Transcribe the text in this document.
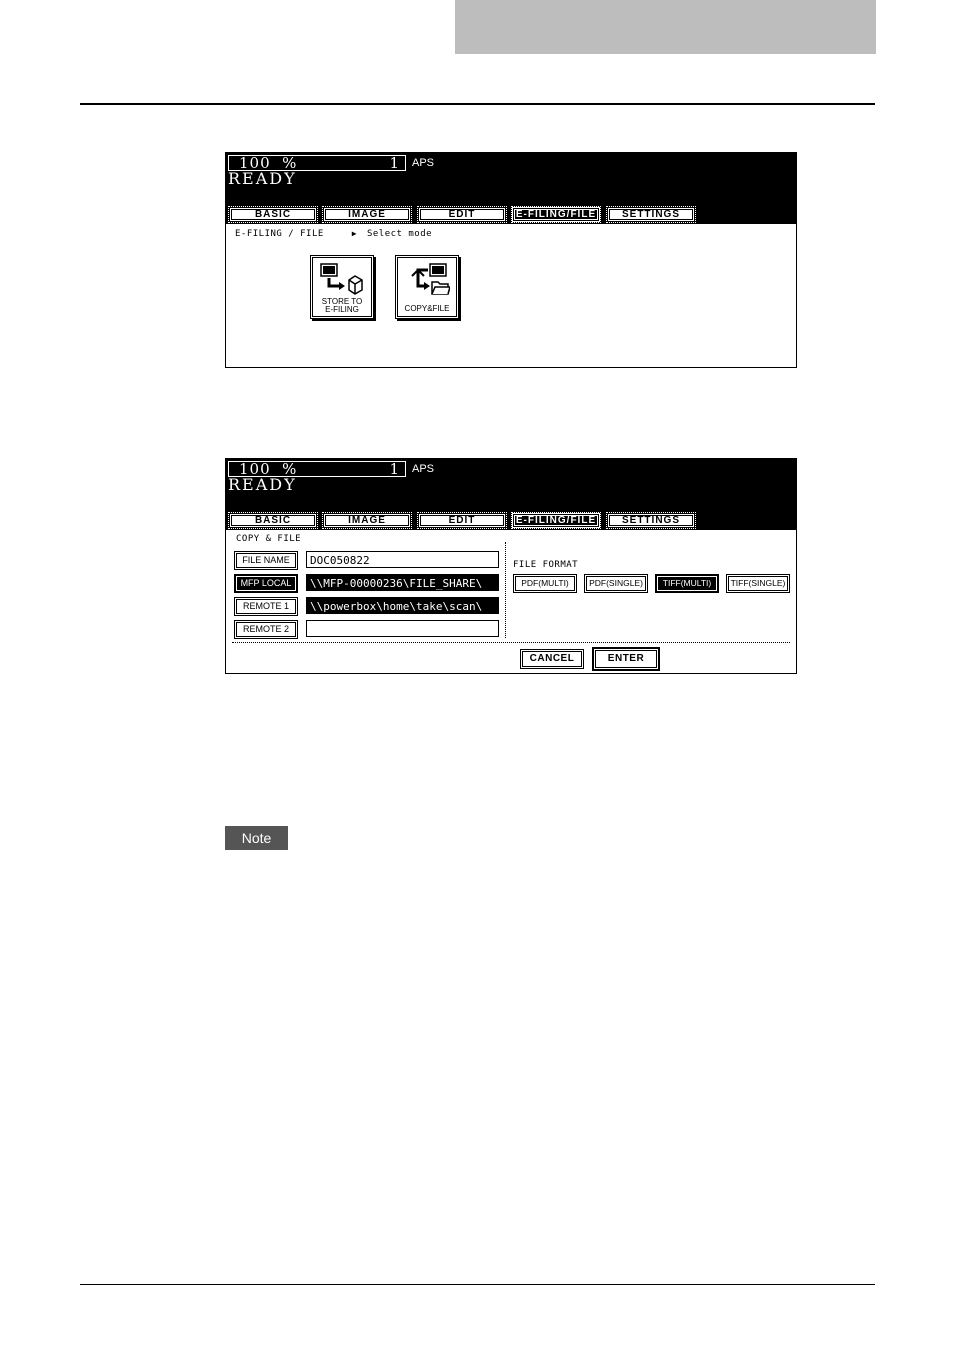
100  %	1 APS
READY
BASIC	IMAGE	EDIT	E-FILING/FILE	SETTINGS
E-FILING / FILE	▶ Select mode
STORE TO
E-FILING	COPY&FILE
100  %	1 APS
READY
BASIC	IMAGE	EDIT	E-FILING/FILE	SETTINGS
COPY & FILE
FILE NAME	DOC050822
MFP LOCAL	\\MFP-00000236\FILE_SHARE\
REMOTE 1	\\powerbox\home\take\scan\
REMOTE 2
FILE FORMAT
PDF(MULTI)	PDF(SINGLE)	TIFF(MULTI)	TIFF(SINGLE)
CANCEL	ENTER
Note
